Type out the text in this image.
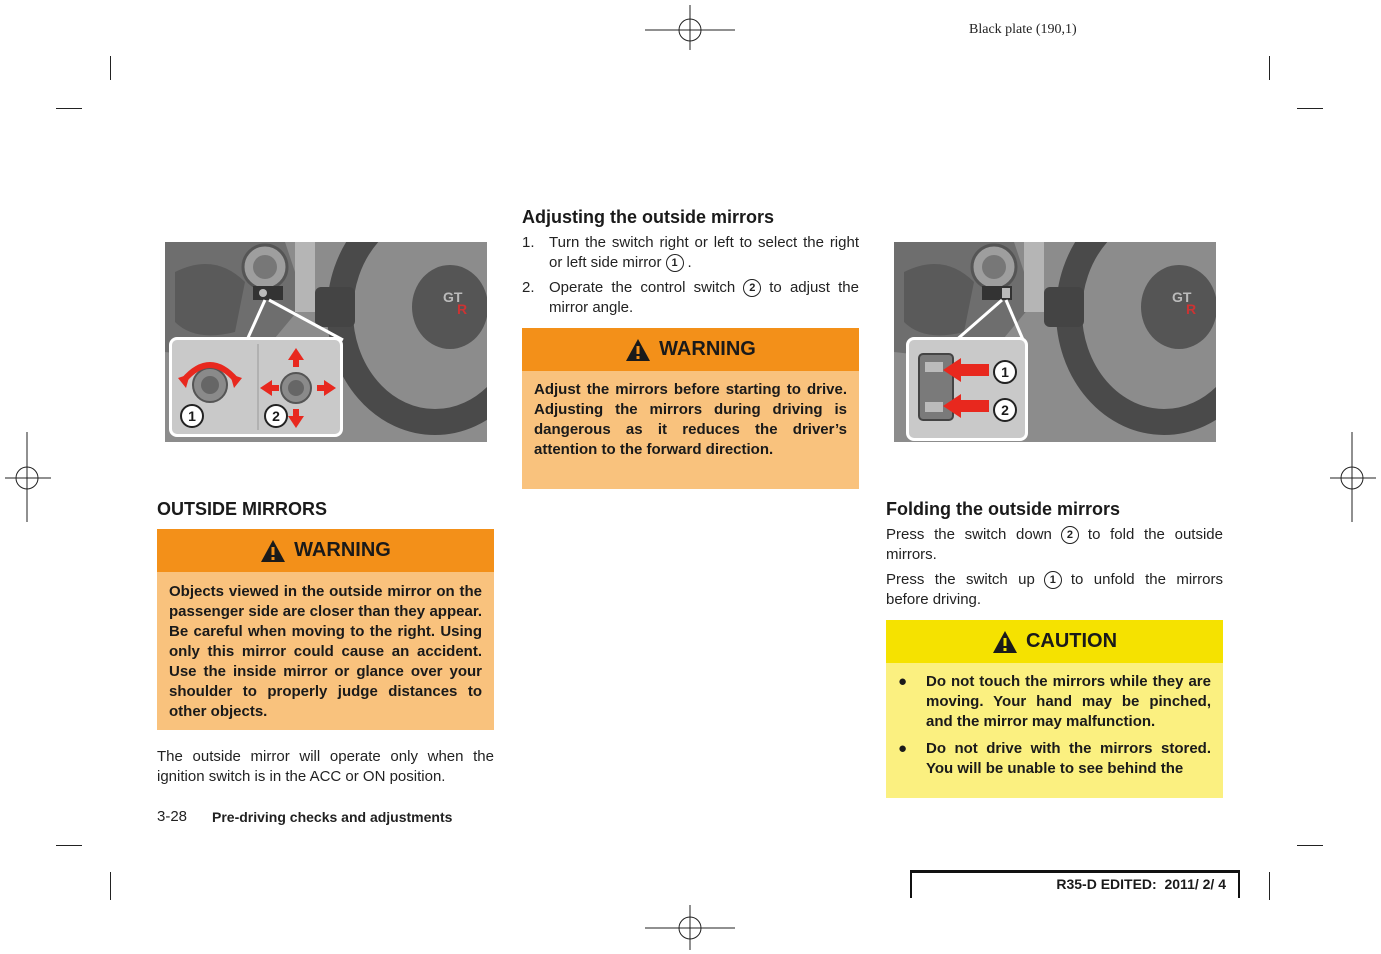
Black plate (190,1)
GT
R
1	2
OUTSIDE MIRRORS
WARNING
Objects viewed in the outside mirror on the passenger side are closer than they appear. Be careful when moving to the right. Using only this mirror could cause an accident. Use the inside mirror or glance over your shoulder to properly judge distances to other objects.
The outside mirror will operate only when the ignition switch is in the ACC or ON position.
3-28 Pre-driving checks and adjustments
Adjusting the outside mirrors
1. Turn the switch right or left to select the right or left side mirror 1 .
2. Operate the control switch 2 to adjust the mirror angle.
WARNING
Adjust the mirrors before starting to drive. Adjusting the mirrors during driving is dangerous as it reduces the driver’s attention to the forward direction.
GT
R
1
2
Folding the outside mirrors
Press the switch down 2 to fold the outside mirrors.
Press the switch up 1 to unfold the mirrors before driving.
CAUTION
● Do not touch the mirrors while they are moving. Your hand may be pinched, and the mirror may malfunction.
● Do not drive with the mirrors stored. You will be unable to see behind the
R35-D EDITED:  2011/ 2/ 4
